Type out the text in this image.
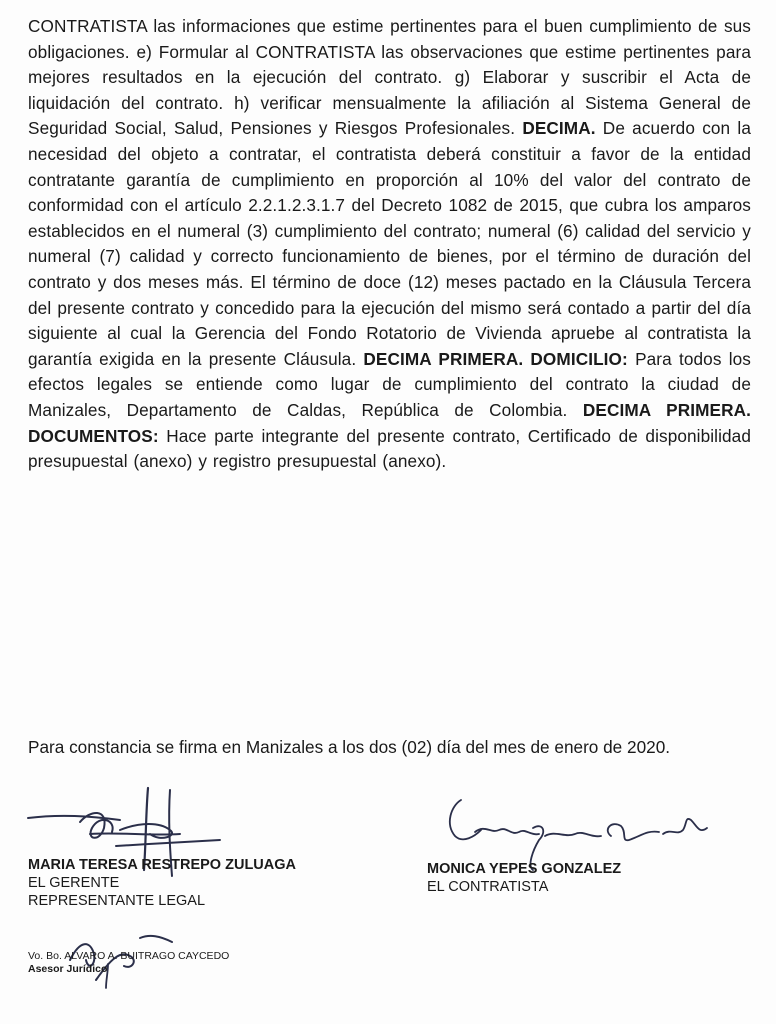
CONTRATISTA las informaciones que estime pertinentes para el buen cumplimiento de sus obligaciones. e) Formular al CONTRATISTA las observaciones que estime pertinentes para mejores resultados en la ejecución del contrato. g) Elaborar y suscribir el Acta de liquidación del contrato. h) verificar mensualmente la afiliación al Sistema General de Seguridad Social, Salud, Pensiones y Riesgos Profesionales. DECIMA. De acuerdo con la necesidad del objeto a contratar, el contratista deberá constituir a favor de la entidad contratante garantía de cumplimiento en proporción al 10% del valor del contrato de conformidad con el artículo 2.2.1.2.3.1.7 del Decreto 1082 de 2015, que cubra los amparos establecidos en el numeral (3) cumplimiento del contrato; numeral (6) calidad del servicio y numeral (7) calidad y correcto funcionamiento de bienes, por el término de duración del contrato y dos meses más. El término de doce (12) meses pactado en la Cláusula Tercera del presente contrato y concedido para la ejecución del mismo será contado a partir del día siguiente al cual la Gerencia del Fondo Rotatorio de Vivienda apruebe al contratista la garantía exigida en la presente Cláusula. DECIMA PRIMERA. DOMICILIO: Para todos los efectos legales se entiende como lugar de cumplimiento del contrato la ciudad de Manizales, Departamento de Caldas, República de Colombia. DECIMA PRIMERA. DOCUMENTOS: Hace parte integrante del presente contrato, Certificado de disponibilidad presupuestal (anexo) y registro presupuestal (anexo).
Para constancia se firma en Manizales a los dos (02) día del mes de enero de 2020.
MARIA TERESA RESTREPO ZULUAGA
EL GERENTE
REPRESENTANTE LEGAL
MONICA YEPES GONZALEZ
EL CONTRATISTA
Vo. Bo. ALVARO A. BUITRAGO CAYCEDO
Asesor Jurídico
